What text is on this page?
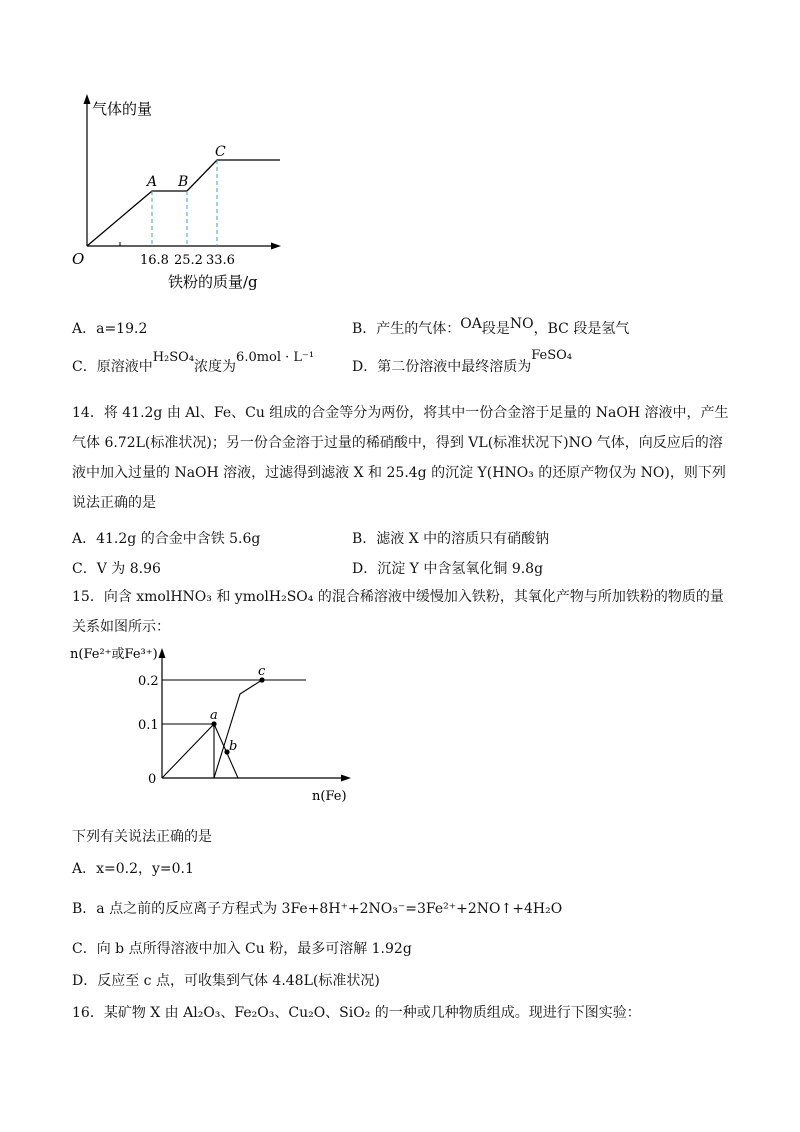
气体的量
O
A B
C
16.8 25.2 33.6
铁粉的质量/g
A．a=19.2	B．产生的气体：OA段是NO，BC 段是氢气
C．原溶液中H₂SO₄浓度为6.0mol · L⁻¹
D．第二份溶液中最终溶质为FeSO₄
14．将 41.2g 由 Al、Fe、Cu 组成的合金等分为两份，将其中一份合金溶于足量的 NaOH 溶液中，产生气体 6.72L(标准状况)；另一份合金溶于过量的稀硝酸中，得到 VL(标准状况下)NO 气体，向反应后的溶液中加入过量的 NaOH 溶液，过滤得到滤液 X 和 25.4g 的沉淀 Y(HNO₃ 的还原产物仅为 NO)，则下列说法正确的是
A．41.2g 的合金中含铁 5.6g	B．滤液 X 中的溶质只有硝酸钠
C．V 为 8.96	D．沉淀 Y 中含氢氧化铜 9.8g
15．向含 xmolHNO₃ 和 ymolH₂SO₄ 的混合稀溶液中缓慢加入铁粉，其氧化产物与所加铁粉的物质的量关系如图所示：
n(Fe²⁺或Fe³⁺)
0.2
0.1
0
a
b
c
n(Fe)
下列有关说法正确的是
A．x=0.2，y=0.1
B．a 点之前的反应离子方程式为 3Fe+8H⁺+2NO₃⁻=3Fe²⁺+2NO↑+4H₂O
C．向 b 点所得溶液中加入 Cu 粉，最多可溶解 1.92g
D．反应至 c 点，可收集到气体 4.48L(标准状况)
16．某矿物 X 由 Al₂O₃、Fe₂O₃、Cu₂O、SiO₂ 的一种或几种物质组成。现进行下图实验：
